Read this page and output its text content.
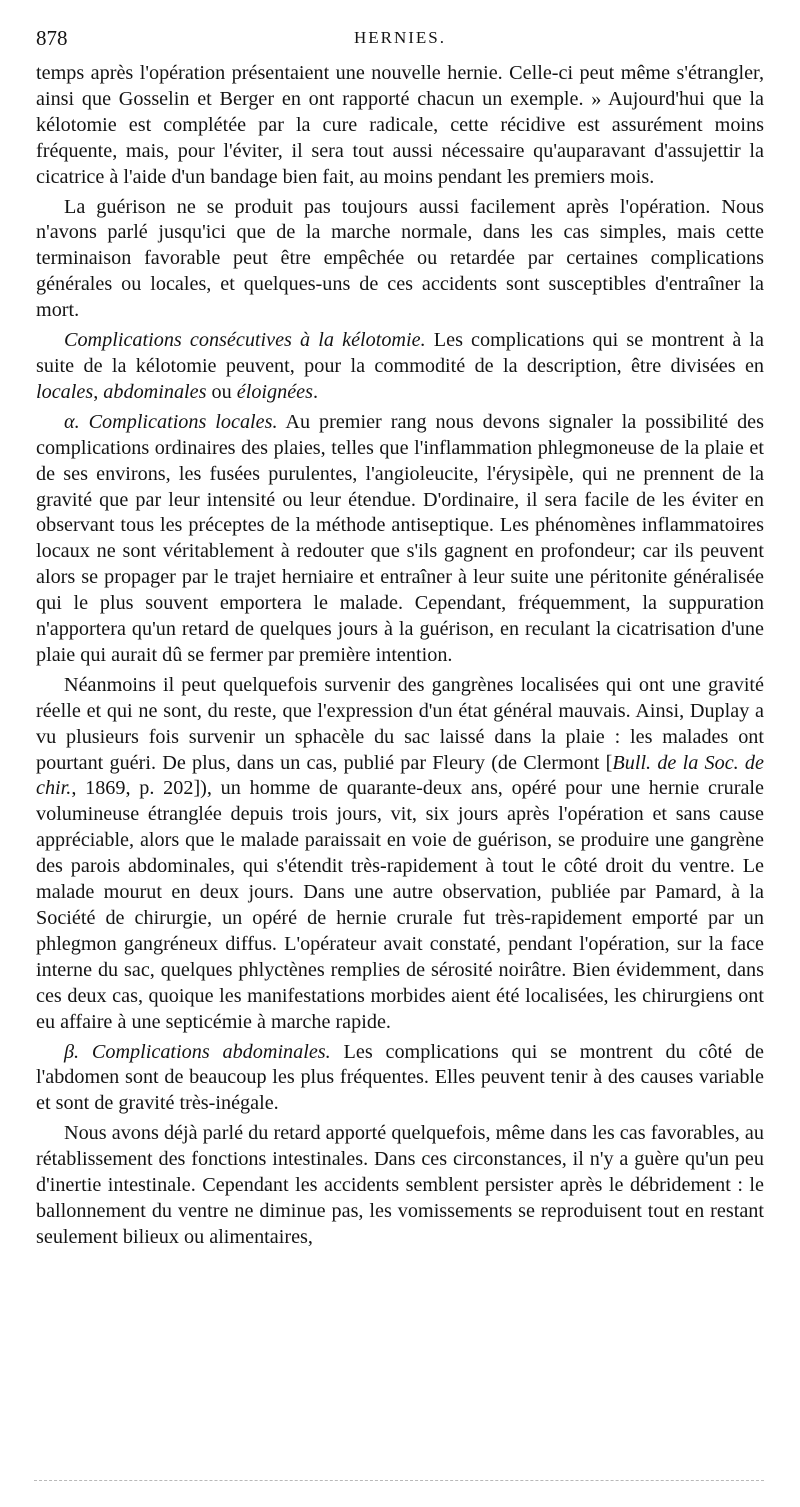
878	HERNIES.

temps après l'opération présentaient une nouvelle hernie. Celle-ci peut même s'étrangler, ainsi que Gosselin et Berger en ont rapporté chacun un exemple. » Aujourd'hui que la kélotomie est complétée par la cure radicale, cette récidive est assurément moins fréquente, mais, pour l'éviter, il sera tout aussi nécessaire qu'auparavant d'assujettir la cicatrice à l'aide d'un bandage bien fait, au moins pendant les premiers mois.

La guérison ne se produit pas toujours aussi facilement après l'opération. Nous n'avons parlé jusqu'ici que de la marche normale, dans les cas simples, mais cette terminaison favorable peut être empêchée ou retardée par certaines complications générales ou locales, et quelques-uns de ces accidents sont susceptibles d'entraîner la mort.

Complications consécutives à la kélotomie. Les complications qui se montrent à la suite de la kélotomie peuvent, pour la commodité de la description, être divisées en locales, abdominales ou éloignées.

α. Complications locales. Au premier rang nous devons signaler la possibilité des complications ordinaires des plaies, telles que l'inflammation phlegmoneuse de la plaie et de ses environs, les fusées purulentes, l'angioleucite, l'érysipèle, qui ne prennent de la gravité que par leur intensité ou leur étendue. D'ordinaire, il sera facile de les éviter en observant tous les préceptes de la méthode antiseptique. Les phénomènes inflammatoires locaux ne sont véritablement à redouter que s'ils gagnent en profondeur; car ils peuvent alors se propager par le trajet herniaire et entraîner à leur suite une péritonite généralisée qui le plus souvent emportera le malade. Cependant, fréquemment, la suppuration n'apportera qu'un retard de quelques jours à la guérison, en reculant la cicatrisation d'une plaie qui aurait dû se fermer par première intention.

Néanmoins il peut quelquefois survenir des gangrènes localisées qui ont une gravité réelle et qui ne sont, du reste, que l'expression d'un état général mauvais. Ainsi, Duplay a vu plusieurs fois survenir un sphacèle du sac laissé dans la plaie : les malades ont pourtant guéri. De plus, dans un cas, publié par Fleury (de Clermont [Bull. de la Soc. de chir., 1869, p. 202]), un homme de quarante-deux ans, opéré pour une hernie crurale volumineuse étranglée depuis trois jours, vit, six jours après l'opération et sans cause appréciable, alors que le malade paraissait en voie de guérison, se produire une gangrène des parois abdominales, qui s'étendit très-rapidement à tout le côté droit du ventre. Le malade mourut en deux jours. Dans une autre observation, publiée par Pamard, à la Société de chirurgie, un opéré de hernie crurale fut très-rapidement emporté par un phlegmon gangréneux diffus. L'opérateur avait constaté, pendant l'opération, sur la face interne du sac, quelques phlyctènes remplies de sérosité noirâtre. Bien évidemment, dans ces deux cas, quoique les manifestations morbides aient été localisées, les chirurgiens ont eu affaire à une septicémie à marche rapide.

β. Complications abdominales. Les complications qui se montrent du côté de l'abdomen sont de beaucoup les plus fréquentes. Elles peuvent tenir à des causes variable et sont de gravité très-inégale.

Nous avons déjà parlé du retard apporté quelquefois, même dans les cas favorables, au rétablissement des fonctions intestinales. Dans ces circonstances, il n'y a guère qu'un peu d'inertie intestinale. Cependant les accidents semblent persister après le débridement : le ballonnement du ventre ne diminue pas, les vomissements se reproduisent tout en restant seulement bilieux ou alimentaires,
